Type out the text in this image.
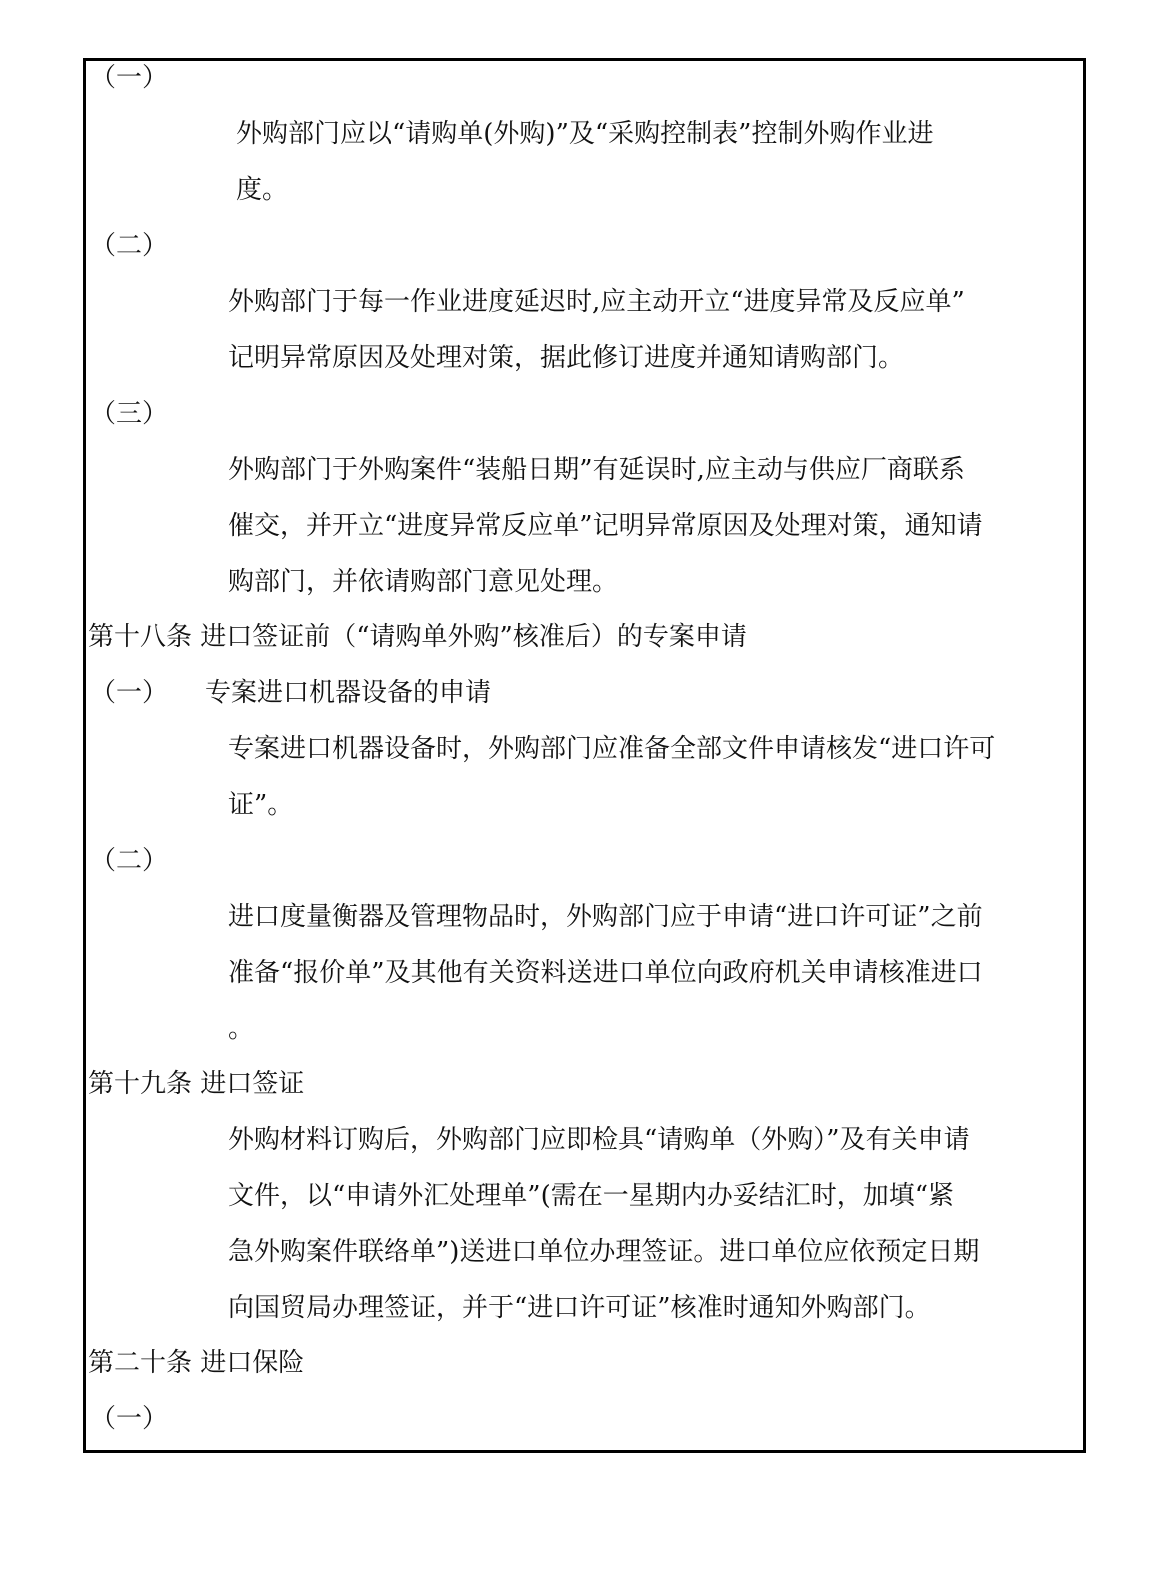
（一）
外购部门应以“请购单(外购)”及“采购控制表”控制外购作业进
度。
（二）
外购部门于每一作业进度延迟时,应主动开立“进度异常及反应单”
记明异常原因及处理对策，据此修订进度并通知请购部门。
（三）
外购部门于外购案件“装船日期”有延误时,应主动与供应厂商联系
催交，并开立“进度异常反应单”记明异常原因及处理对策，通知请
购部门，并依请购部门意见处理。
第十八条 进口签证前（“请购单外购”核准后）的专案申请
（一） 专案进口机器设备的申请
专案进口机器设备时，外购部门应准备全部文件申请核发“进口许可
证”。
（二）
进口度量衡器及管理物品时，外购部门应于申请“进口许可证”之前
准备“报价单”及其他有关资料送进口单位向政府机关申请核准进口
。
第十九条 进口签证
外购材料订购后，外购部门应即检具“请购单（外购）”及有关申请
文件，以“申请外汇处理单”(需在一星期内办妥结汇时，加填“紧
急外购案件联络单”)送进口单位办理签证。进口单位应依预定日期
向国贸局办理签证，并于“进口许可证”核准时通知外购部门。
第二十条 进口保险
（一）
